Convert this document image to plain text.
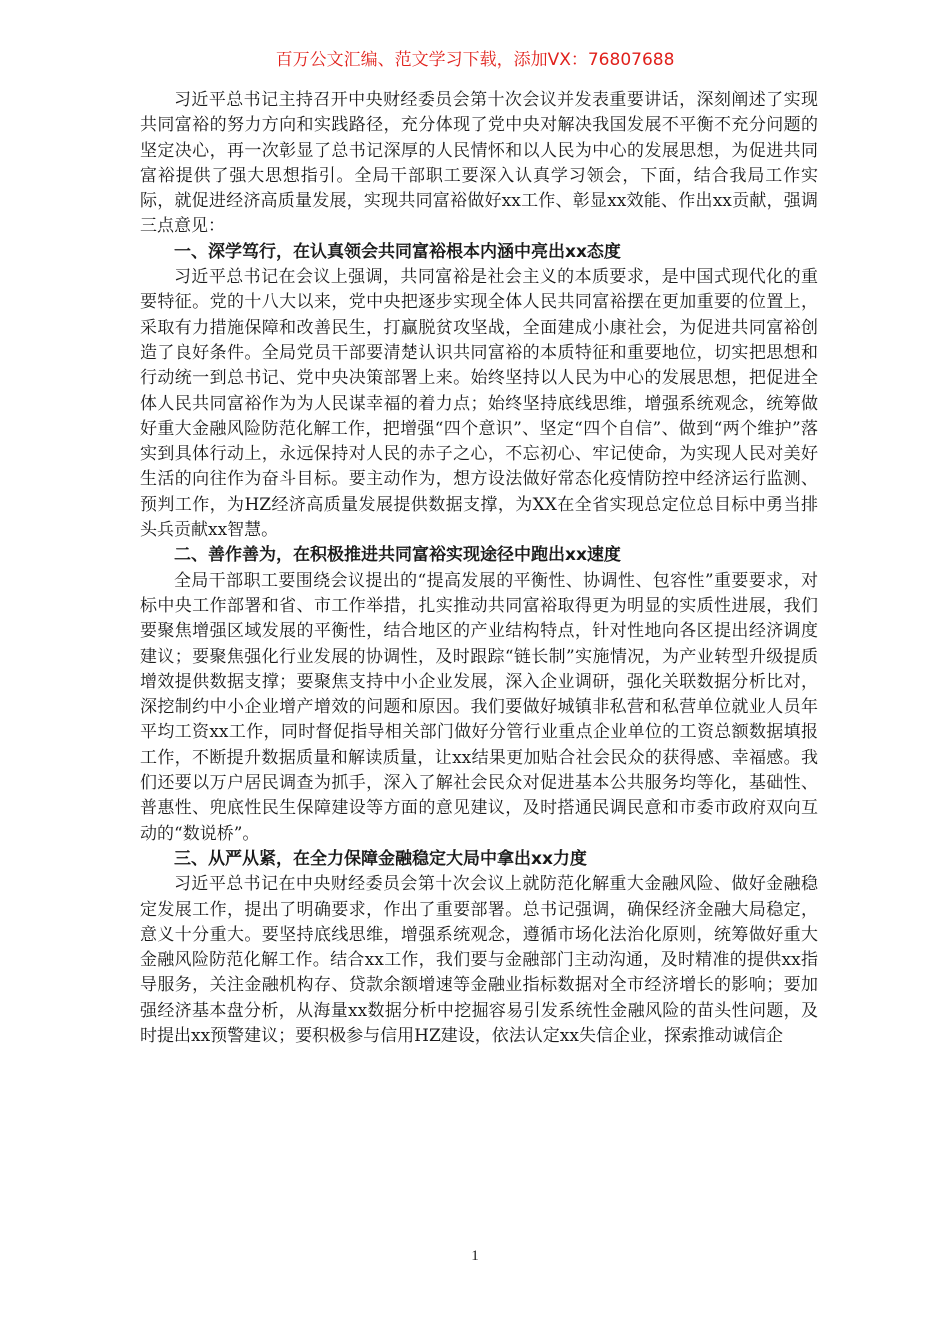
百万公文汇编、范文学习下载，添加VX：76807688

习近平总书记主持召开中央财经委员会第十次会议并发表重要讲话，深刻阐述了实现共同富裕的努力方向和实践路径，充分体现了党中央对解决我国发展不平衡不充分问题的坚定决心，再一次彰显了总书记深厚的人民情怀和以人民为中心的发展思想，为促进共同富裕提供了强大思想指引。全局干部职工要深入认真学习领会，下面，结合我局工作实际，就促进经济高质量发展，实现共同富裕做好xx工作、彰显xx效能、作出xx贡献，强调三点意见：

一、深学笃行，在认真领会共同富裕根本内涵中亮出xx态度

习近平总书记在会议上强调，共同富裕是社会主义的本质要求，是中国式现代化的重要特征。党的十八大以来，党中央把逐步实现全体人民共同富裕摆在更加重要的位置上，采取有力措施保障和改善民生，打赢脱贫攻坚战，全面建成小康社会，为促进共同富裕创造了良好条件。全局党员干部要清楚认识共同富裕的本质特征和重要地位，切实把思想和行动统一到总书记、党中央决策部署上来。始终坚持以人民为中心的发展思想，把促进全体人民共同富裕作为为人民谋幸福的着力点；始终坚持底线思维，增强系统观念，统筹做好重大金融风险防范化解工作，把增强“四个意识”、坚定“四个自信”、做到“两个维护”落实到具体行动上，永远保持对人民的赤子之心，不忘初心、牢记使命，为实现人民对美好生活的向往作为奋斗目标。要主动作为，想方设法做好常态化疫情防控中经济运行监测、预判工作，为HZ经济高质量发展提供数据支撑，为XX在全省实现总定位总目标中勇当排头兵贡献xx智慧。

二、善作善为，在积极推进共同富裕实现途径中跑出xx速度

全局干部职工要围绕会议提出的“提高发展的平衡性、协调性、包容性”重要要求，对标中央工作部署和省、市工作举措，扎实推动共同富裕取得更为明显的实质性进展，我们要聚焦增强区域发展的平衡性，结合地区的产业结构特点，针对性地向各区提出经济调度建议；要聚焦强化行业发展的协调性，及时跟踪“链长制”实施情况，为产业转型升级提质增效提供数据支撑；要聚焦支持中小企业发展，深入企业调研，强化关联数据分析比对，深挖制约中小企业增产增效的问题和原因。我们要做好城镇非私营和私营单位就业人员年平均工资xx工作，同时督促指导相关部门做好分管行业重点企业单位的工资总额数据填报工作，不断提升数据质量和解读质量，让xx结果更加贴合社会民众的获得感、幸福感。我们还要以万户居民调查为抓手，深入了解社会民众对促进基本公共服务均等化，基础性、普惠性、兜底性民生保障建设等方面的意见建议，及时搭通民调民意和市委市政府双向互动的“数说桥”。

三、从严从紧，在全力保障金融稳定大局中拿出xx力度

习近平总书记在中央财经委员会第十次会议上就防范化解重大金融风险、做好金融稳定发展工作，提出了明确要求，作出了重要部署。总书记强调，确保经济金融大局稳定，意义十分重大。要坚持底线思维，增强系统观念，遵循市场化法治化原则，统筹做好重大金融风险防范化解工作。结合xx工作，我们要与金融部门主动沟通，及时精准的提供xx指导服务，关注金融机构存、贷款余额增速等金融业指标数据对全市经济增长的影响；要加强经济基本盘分析，从海量xx数据分析中挖掘容易引发系统性金融风险的苗头性问题，及时提出xx预警建议；要积极参与信用HZ建设，依法认定xx失信企业，探索推动诚信企

1
